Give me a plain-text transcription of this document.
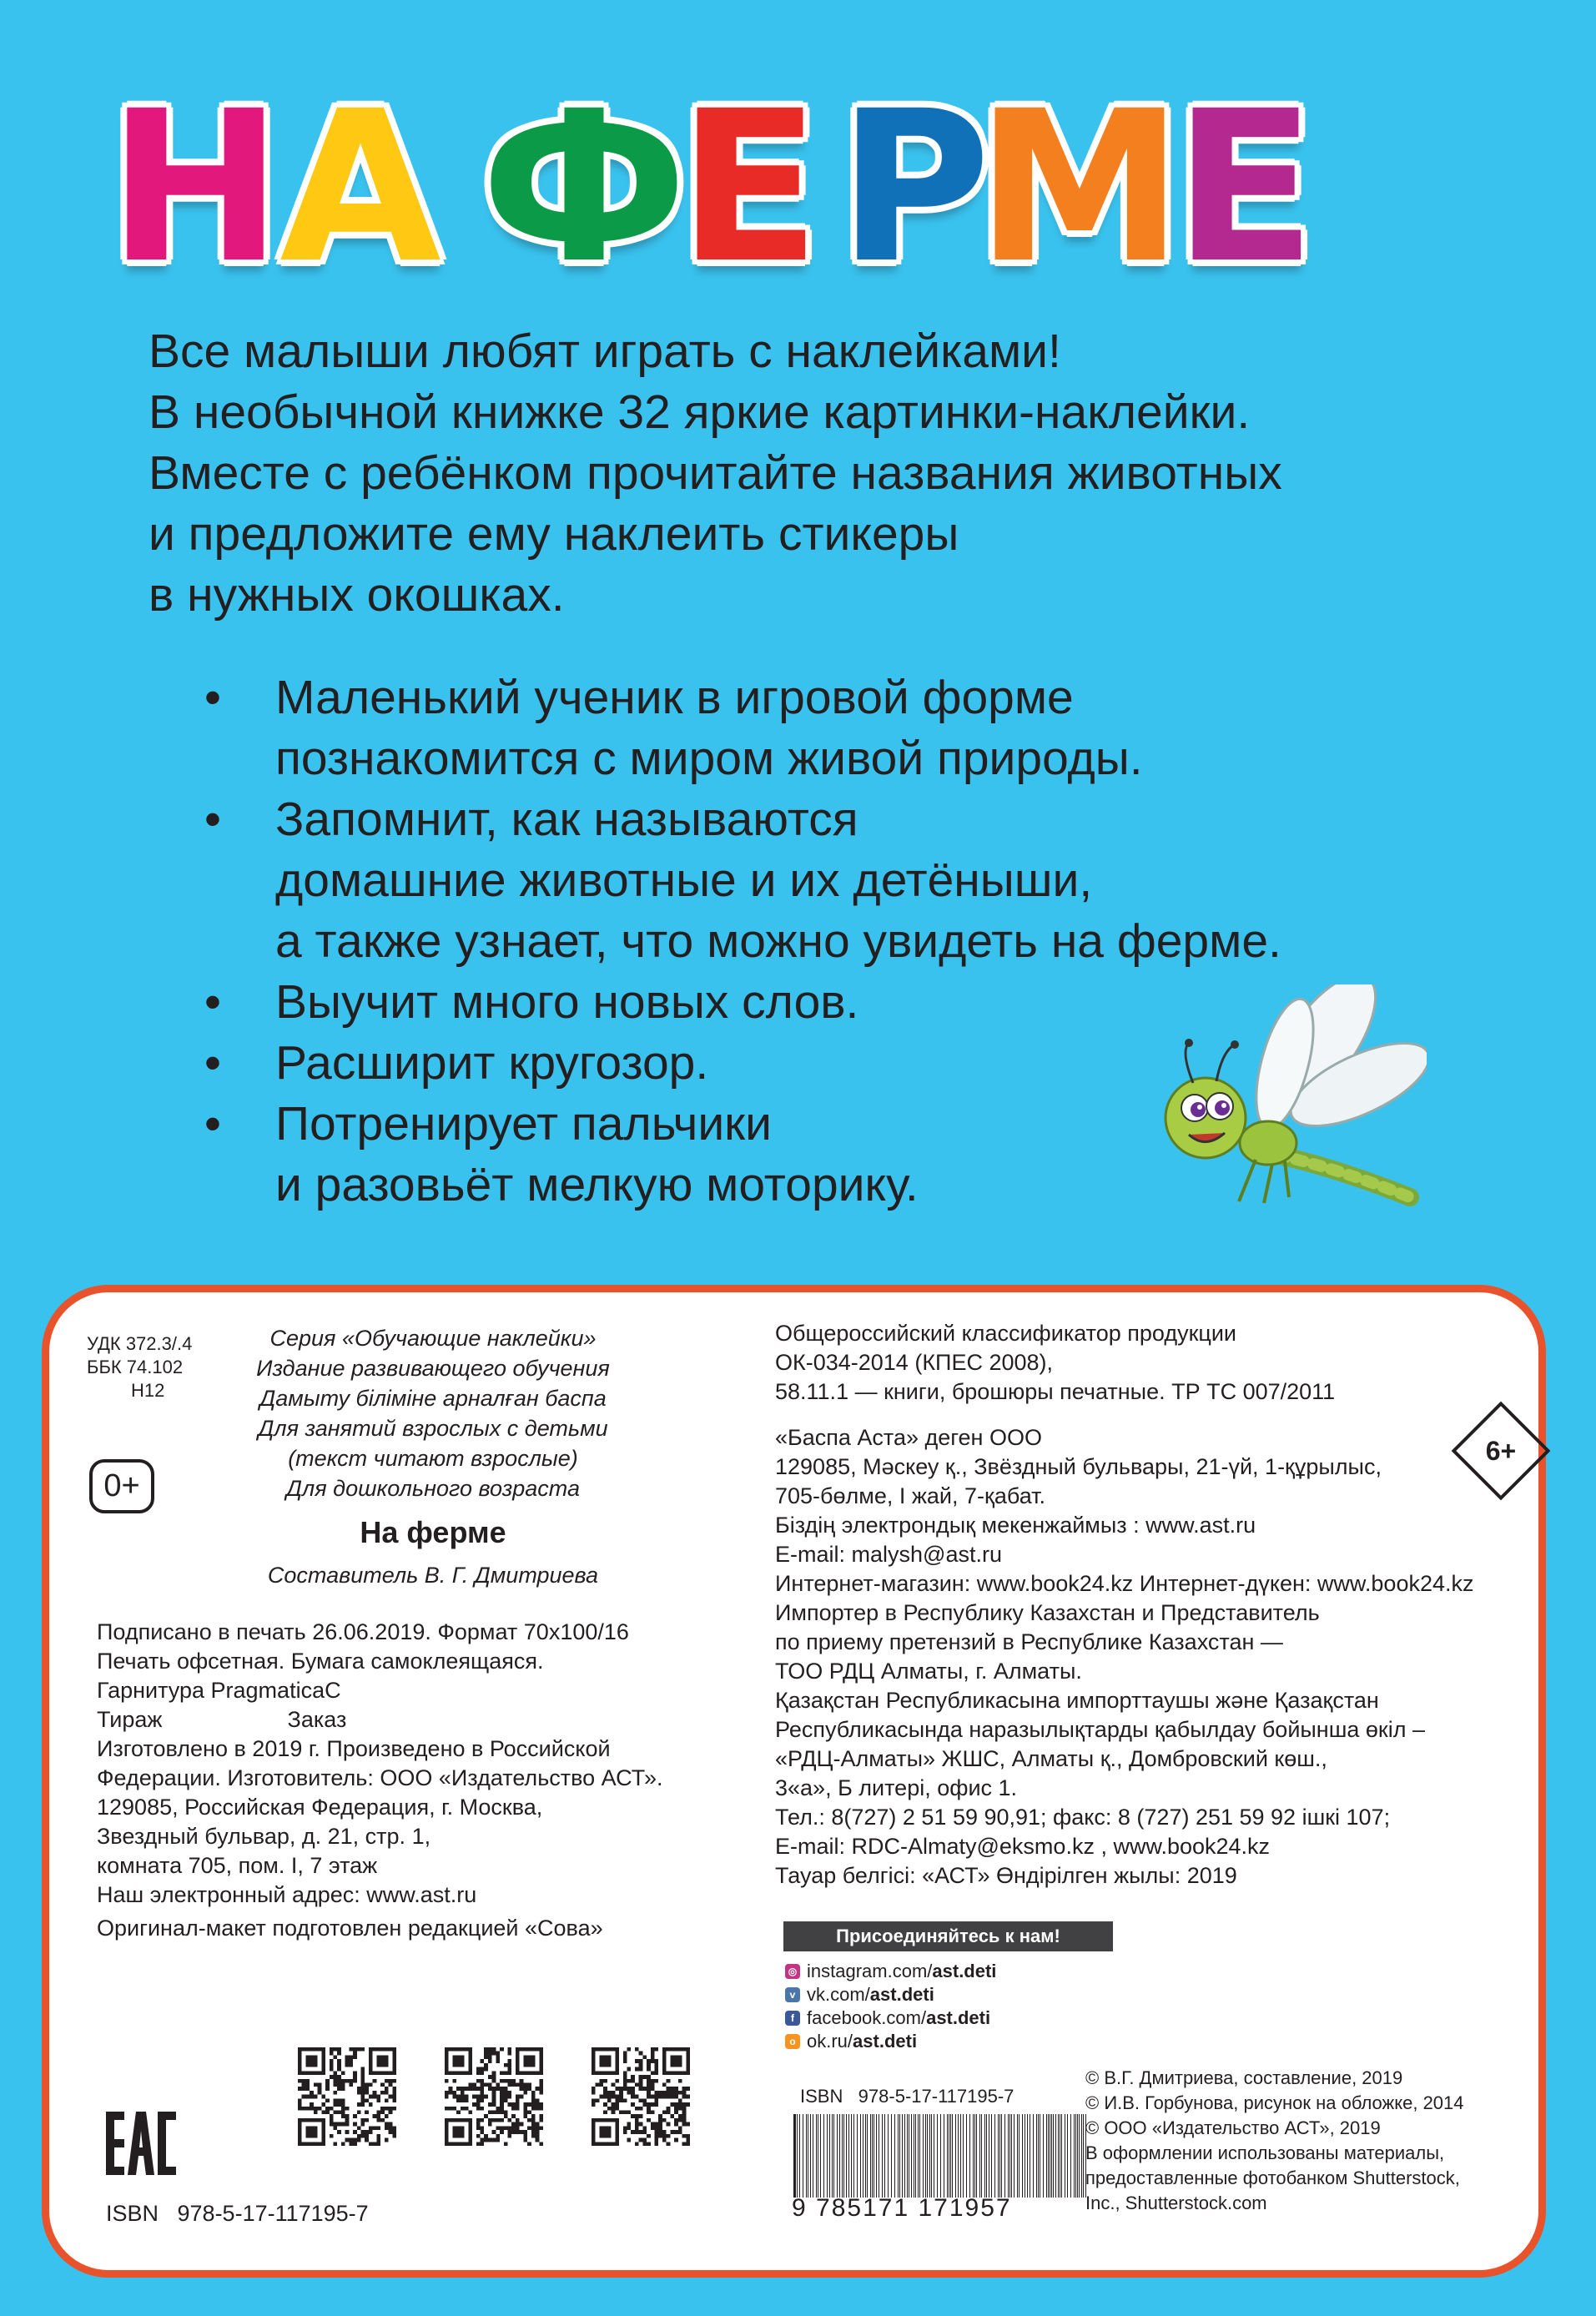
Н
А Ф
Е Р
М
Е
Все малыши любят играть с наклейками!
В необычной книжке 32 яркие картинки-наклейки.
Вместе с ребёнком прочитайте названия животных
и предложите ему наклеить стикеры
в нужных окошках.
•	Маленький ученик в игровой форме
познакомится с миром живой природы.
•	Запомнит, как называются
домашние животные и их детёныши,
а также узнает, что можно увидеть на ферме.
•	Выучит много новых слов.
•	Расширит кругозор.
•	Потренирует пальчики
и разовьёт мелкую моторику.
УДК 372.3/.4
ББК 74.102
Н12
0+
Серия «Обучающие наклейки»
Издание развивающего обучения
Дамыту біліміне арналған баспа
Для занятий взрослых с детьми
(текст читают взрослые)
Для дошкольного возраста
На ферме
Составитель В. Г. Дмитриева
Подписано в печать 26.06.2019. Формат 70х100/16
Печать офсетная. Бумага самоклеящаяся.
Гарнитура PragmaticaC
Тираж                    Заказ
Изготовлено в 2019 г. Произведено в Российской
Федерации. Изготовитель: ООО «Издательство АСТ».
129085, Российская Федерация, г. Москва,
Звездный бульвар, д. 21, стр. 1,
комната 705, пом. I, 7 этаж
Наш электронный адрес: www.ast.ru
Оригинал-макет подготовлен редакцией «Сова»
ISBN   978-5-17-117195-7
Общероссийский классификатор продукции
ОК-034-2014 (КПЕС 2008),
58.11.1 — книги, брошюры печатные. ТР ТС 007/2011
6+
«Баспа Аста» деген ООО
129085, Мәскеу қ., Звёздный бульвары, 21-үй, 1-құрылыс,
705-бөлме, I жай, 7-қабат.
Біздің электрондық мекенжаймыз : www.ast.ru
E-mail: malysh@ast.ru
Интернет-магазин: www.book24.kz Интернет-дүкен: www.book24.kz
Импортер в Республику Казахстан и Представитель
по приему претензий в Республике Казахстан —
ТОО РДЦ Алматы, г. Алматы.
Қазақстан Республикасына импорттаушы және Қазақстан
Республикасында наразылықтарды қабылдау бойынша өкіл –
«РДЦ-Алматы» ЖШС, Алматы қ., Домбровский көш.,
3«а», Б литері, офис 1.
Тел.: 8(727) 2 51 59 90,91; факс: 8 (727) 251 59 92 ішкі 107;
E-mail: RDC-Almaty@eksmo.kz , www.book24.kz
Тауар белгісі: «АСТ» Өндірілген жылы: 2019
Присоединяйтесь к нам!
◎ instagram.com/ ast.deti
v vk.com/ ast.deti
f facebook.com/ ast.deti
о ok.ru/ ast.deti
ISBN   978-5-17-117195-7
9 785171 171957
© В.Г. Дмитриева, составление, 2019
© И.В. Горбунова, рисунок на обложке, 2014
© ООО «Издательство АСТ», 2019
В оформлении использованы материалы,
предоставленные фотобанком Shutterstock,
Inc., Shutterstock.com
